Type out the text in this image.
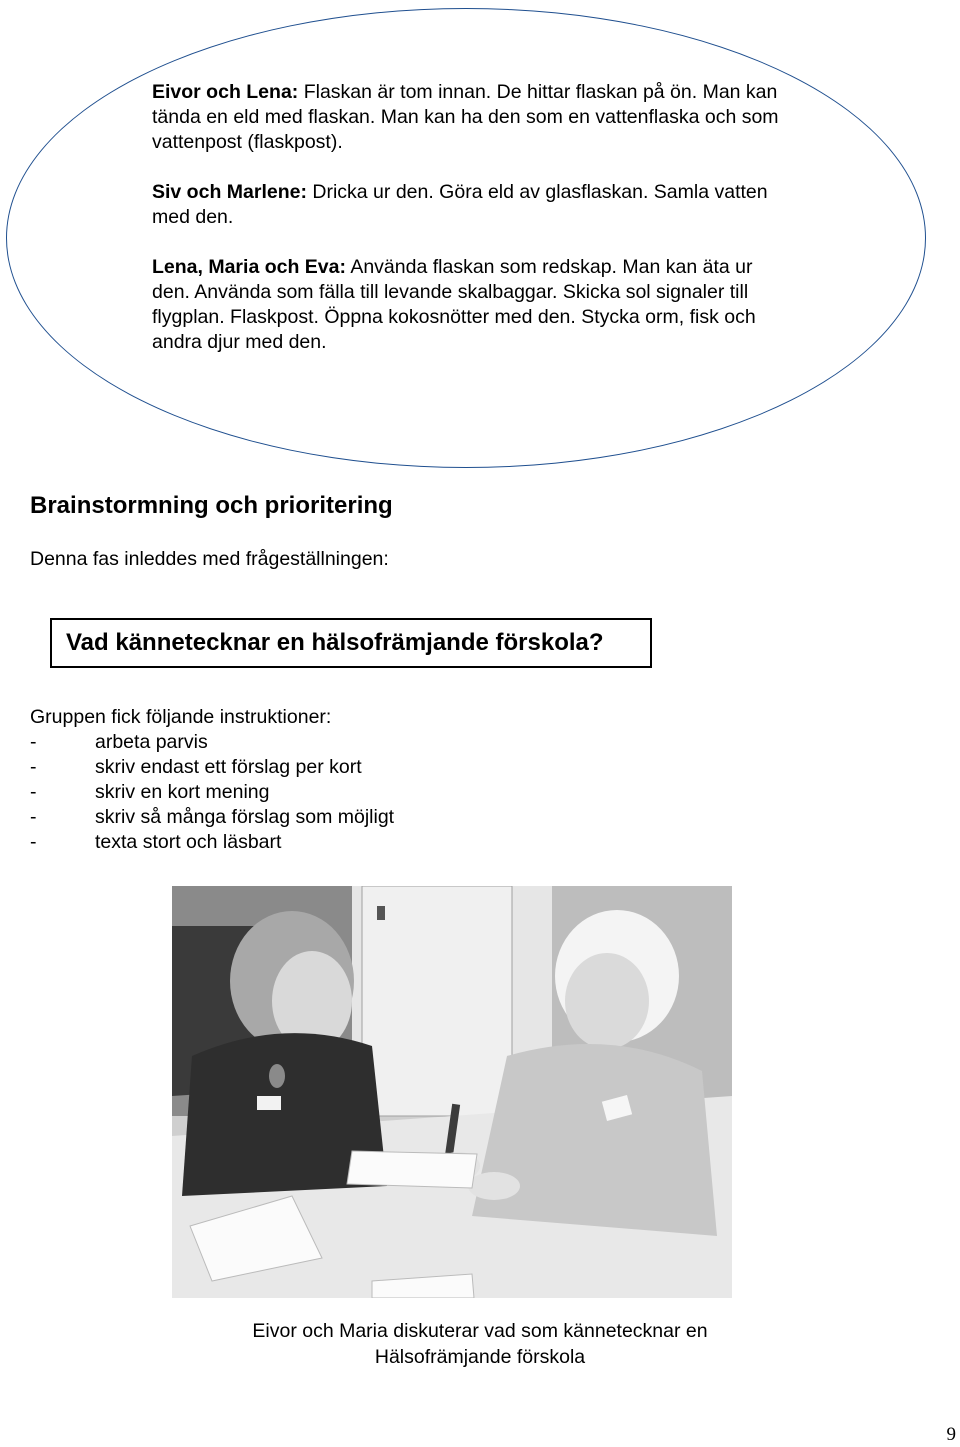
Eivor och Lena: Flaskan är tom innan. De hittar flaskan på ön. Man kan tända en eld med flaskan. Man kan ha den som en vattenflaska och som vattenpost (flaskpost).

Siv och Marlene: Dricka ur den. Göra eld av glasflaskan. Samla vatten med den.

Lena, Maria och Eva: Använda flaskan som redskap. Man kan äta ur den. Använda som fälla till levande skalbaggar. Skicka sol signaler till flygplan. Flaskpost. Öppna kokosnötter med den. Stycka orm, fisk och andra djur med den.

Brainstormning och prioritering
Denna fas inleddes med frågeställningen:
Vad kännetecknar en hälsofrämjande förskola?
Gruppen fick följande instruktioner:
-	arbeta parvis
-	skriv endast ett förslag per kort
-	skriv en kort mening
-	skriv så många förslag som möjligt
-	texta stort och läsbart
Eivor och Maria diskuterar vad som kännetecknar en
Hälsofrämjande förskola
9
